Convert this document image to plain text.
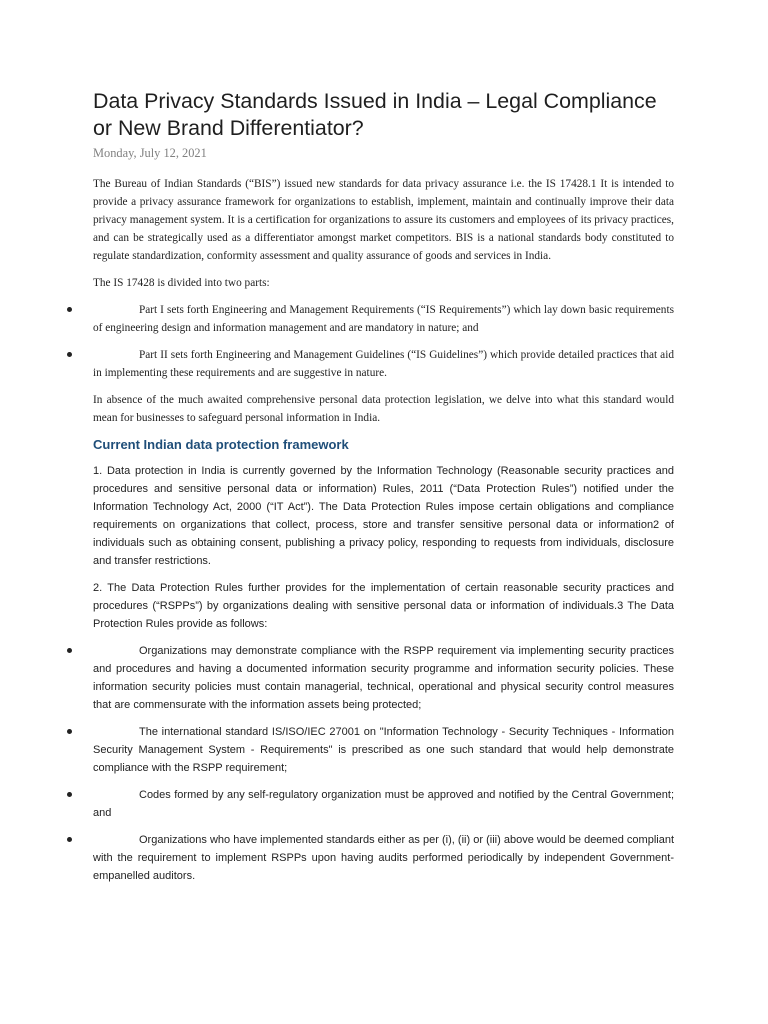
Data Privacy Standards Issued in India – Legal Compliance or New Brand Differentiator?
Monday, July 12, 2021

The Bureau of Indian Standards (“BIS”) issued new standards for data privacy assurance i.e. the IS 17428.1 It is intended to provide a privacy assurance framework for organizations to establish, implement, maintain and continually improve their data privacy management system. It is a certification for organizations to assure its customers and employees of its privacy practices, and can be strategically used as a differentiator amongst market competitors. BIS is a national standards body constituted to regulate standardization, conformity assessment and quality assurance of goods and services in India.

The IS 17428 is divided into two parts:

Part I sets forth Engineering and Management Requirements (“IS Requirements”) which lay down basic requirements of engineering design and information management and are mandatory in nature; and
Part II sets forth Engineering and Management Guidelines (“IS Guidelines”) which provide detailed practices that aid in implementing these requirements and are suggestive in nature.

In absence of the much awaited comprehensive personal data protection legislation, we delve into what this standard would mean for businesses to safeguard personal information in India.

Current Indian data protection framework

1. Data protection in India is currently governed by the Information Technology (Reasonable security practices and procedures and sensitive personal data or information) Rules, 2011 (“Data Protection Rules”) notified under the Information Technology Act, 2000 (“IT Act”). The Data Protection Rules impose certain obligations and compliance requirements on organizations that collect, process, store and transfer sensitive personal data or information2 of individuals such as obtaining consent, publishing a privacy policy, responding to requests from individuals, disclosure and transfer restrictions.

2. The Data Protection Rules further provides for the implementation of certain reasonable security practices and procedures (“RSPPs”) by organizations dealing with sensitive personal data or information of individuals.3 The Data Protection Rules provide as follows:

Organizations may demonstrate compliance with the RSPP requirement via implementing security practices and procedures and having a documented information security programme and information security policies. These information security policies must contain managerial, technical, operational and physical security control measures that are commensurate with the information assets being protected;
The international standard IS/ISO/IEC 27001 on "Information Technology - Security Techniques - Information Security Management System - Requirements" is prescribed as one such standard that would help demonstrate compliance with the RSPP requirement;
Codes formed by any self-regulatory organization must be approved and notified by the Central Government; and
Organizations who have implemented standards either as per (i), (ii) or (iii) above would be deemed compliant with the requirement to implement RSPPs upon having audits performed periodically by independent Government-empanelled auditors.
